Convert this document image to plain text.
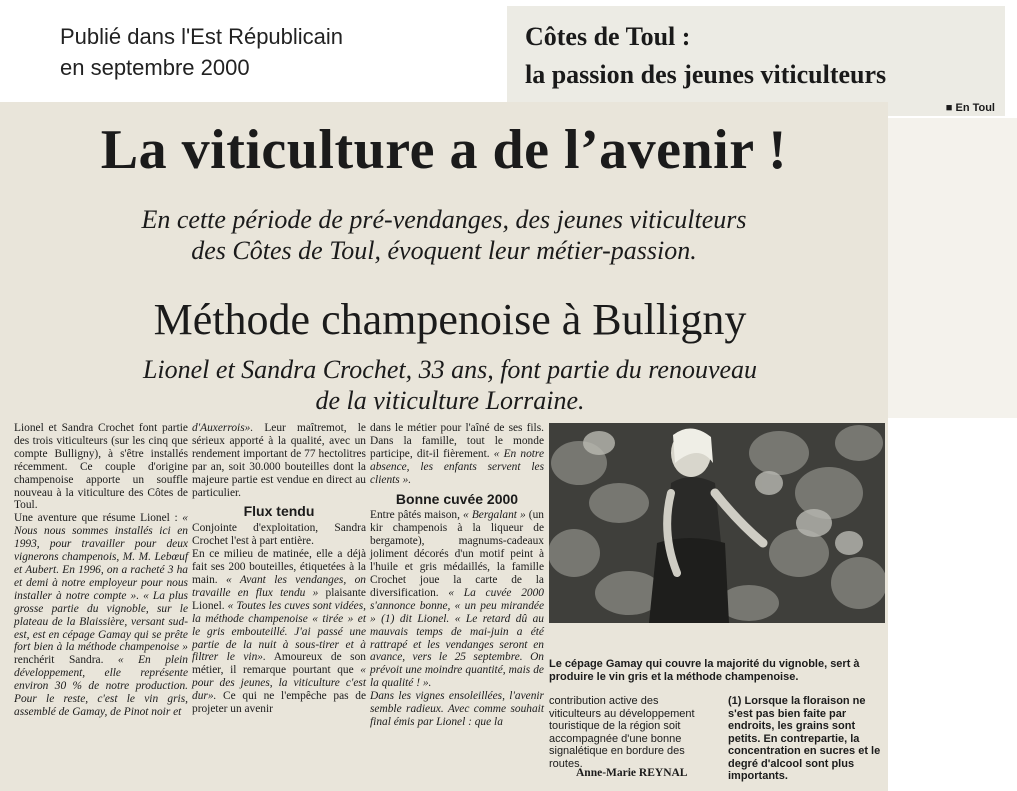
Publié dans l'Est Républicain
en septembre 2000
Côtes de Toul :
la passion des jeunes viticulteurs
■ En Toul
La viticulture a de l’avenir !
En cette période de pré-vendanges, des jeunes viticulteurs
des Côtes de Toul, évoquent leur métier-passion.
Méthode champenoise à Bulligny
Lionel et Sandra Crochet, 33 ans, font partie du renouveau
de la viticulture Lorraine.

Lionel et Sandra Crochet font partie des trois viticulteurs (sur les cinq que compte Bulligny), à s'être installés récemment. Ce couple d'origine champenoise apporte un souffle nouveau à la viticulture des Côtes de Toul.

Une aventure que résume Lionel : « Nous nous sommes installés ici en 1993, pour travailler pour deux vignerons champenois, M. M. Lebœuf et Aubert. En 1996, on a racheté 3 ha et demi à notre employeur pour nous installer à notre compte ». « La plus grosse partie du vignoble, sur le plateau de la Blaissière, versant sud-est, est en cépage Gamay qui se prête fort bien à la méthode champenoise » renchérit Sandra. « En plein développement, elle représente environ 30 % de notre production. Pour le reste, c'est le vin gris, assemblé de Gamay, de Pinot noir et

d'Auxerrois». Leur maîtremot, le sérieux apporté à la qualité, avec un rendement important de 77 hectolitres par an, soit 30.000 bouteilles dont la majeure partie est vendue en direct au particulier.

Flux tendu

Conjointe d'exploitation, Sandra Crochet l'est à part entière.

En ce milieu de matinée, elle a déjà fait ses 200 bouteilles, étiquetées à la main. « Avant les vendanges, on travaille en flux tendu » plaisante Lionel. « Toutes les cuves sont vidées, la méthode champenoise « tirée » et le gris embouteillé. J'ai passé une partie de la nuit à sous-tirer et à filtrer le vin». Amoureux de son métier, il remarque pourtant que « pour des jeunes, la viticulture c'est dur». Ce qui ne l'empêche pas de projeter un avenir

dans le métier pour l'aîné de ses fils. Dans la famille, tout le monde participe, dit-il fièrement. « En notre absence, les enfants servent les clients ».

Bonne cuvée 2000

Entre pâtés maison, « Bergalant » (un kir champenois à la liqueur de bergamote), magnums-cadeaux joliment décorés d'un motif peint à l'huile et gris médaillés, la famille Crochet joue la carte de la diversification. « La cuvée 2000 s'annonce bonne, « un peu mirandée » (1) dit Lionel. « Le retard dû au mauvais temps de mai-juin a été rattrapé et les vendanges seront en avance, vers le 25 septembre. On prévoit une moindre quantité, mais de la qualité ! ».

Dans les vignes ensoleillées, l'avenir semble radieux. Avec comme souhait final émis par Lionel : que la

Le cépage Gamay qui couvre la majorité du vignoble, sert à produire le vin gris et la méthode champenoise.
contribution active des viticulteurs au développement touristique de la région soit accompagnée d'une bonne signalétique en bordure des routes.
Anne-Marie REYNAL
(1) Lorsque la floraison ne s'est pas bien faite par endroits, les grains sont petits. En contrepartie, la concentration en sucres et le degré d'alcool sont plus importants.
